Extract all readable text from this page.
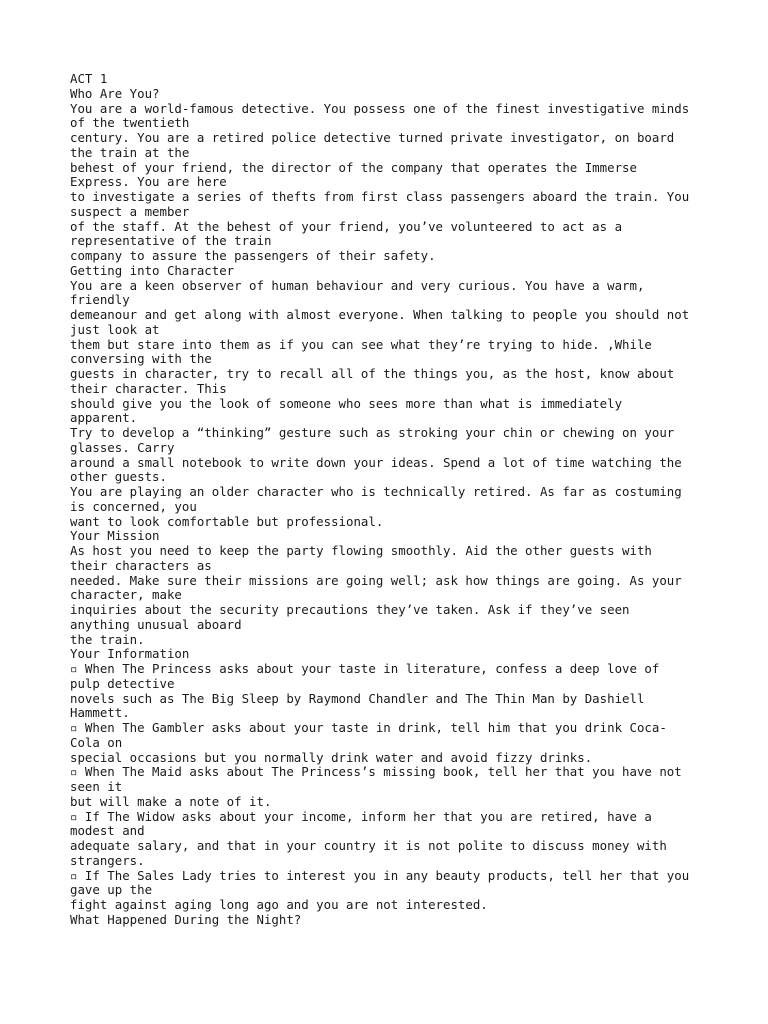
ACT 1
Who Are You?
You are a world-famous detective. You possess one of the finest investigative minds
of the twentieth
century. You are a retired police detective turned private investigator, on board
the train at the
behest of your friend, the director of the company that operates the Immerse
Express. You are here
to investigate a series of thefts from first class passengers aboard the train. You
suspect a member
of the staff. At the behest of your friend, you’ve volunteered to act as a
representative of the train
company to assure the passengers of their safety.
Getting into Character
You are a keen observer of human behaviour and very curious. You have a warm,
friendly
demeanour and get along with almost everyone. When talking to people you should not
just look at
them but stare into them as if you can see what they’re trying to hide. ,While
conversing with the
guests in character, try to recall all of the things you, as the host, know about
their character. This
should give you the look of someone who sees more than what is immediately
apparent.
Try to develop a “thinking” gesture such as stroking your chin or chewing on your
glasses. Carry
around a small notebook to write down your ideas. Spend a lot of time watching the
other guests.
You are playing an older character who is technically retired. As far as costuming
is concerned, you
want to look comfortable but professional.
Your Mission
As host you need to keep the party flowing smoothly. Aid the other guests with
their characters as
needed. Make sure their missions are going well; ask how things are going. As your
character, make
inquiries about the security precautions they’ve taken. Ask if they’ve seen
anything unusual aboard
the train.
Your Information
▫ When The Princess asks about your taste in literature, confess a deep love of
pulp detective
novels such as The Big Sleep by Raymond Chandler and The Thin Man by Dashiell
Hammett.
▫ When The Gambler asks about your taste in drink, tell him that you drink Coca-
Cola on
special occasions but you normally drink water and avoid fizzy drinks.
▫ When The Maid asks about The Princess’s missing book, tell her that you have not
seen it
but will make a note of it.
▫ If The Widow asks about your income, inform her that you are retired, have a
modest and
adequate salary, and that in your country it is not polite to discuss money with
strangers.
▫ If The Sales Lady tries to interest you in any beauty products, tell her that you
gave up the
fight against aging long ago and you are not interested.
What Happened During the Night?
